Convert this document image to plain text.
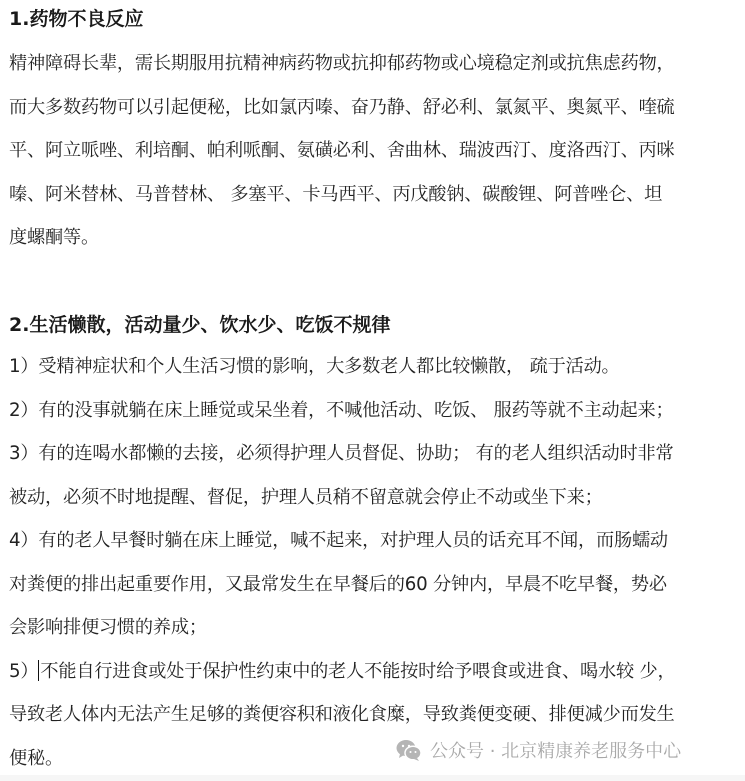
1.药物不良反应
精神障碍长辈，需长期服用抗精神病药物或抗抑郁药物或心境稳定剂或抗焦虑药物，
而大多数药物可以引起便秘，比如氯丙嗪、奋乃静、舒必利、氯氮平、奥氮平、喹硫
平、阿立哌唑、利培酮、帕利哌酮、氨磺必利、舍曲林、瑞波西汀、度洛西汀、丙咪
嗪、阿米替林、马普替林、 多塞平、卡马西平、丙戊酸钠、碳酸锂、阿普唑仑、坦
度螺酮等。
2.生活懒散，活动量少、饮水少、吃饭不规律
1）受精神症状和个人生活习惯的影响，大多数老人都比较懒散， 疏于活动。
2）有的没事就躺在床上睡觉或呆坐着，不喊他活动、吃饭、 服药等就不主动起来；
3）有的连喝水都懒的去接，必须得护理人员督促、协助； 有的老人组织活动时非常
被动，必须不时地提醒、督促，护理人员稍不留意就会停止不动或坐下来；
4）有的老人早餐时躺在床上睡觉，喊不起来，对护理人员的话充耳不闻，而肠蠕动
对粪便的排出起重要作用，又最常发生在早餐后的60 分钟内，早晨不吃早餐，势必
会影响排便习惯的养成；
5） 不能自行进食或处于保护性约束中的老人不能按时给予喂食或进食、喝水较 少，
导致老人体内无法产生足够的粪便容积和液化食糜，导致粪便变硬、排便减少而发生
便秘。	公众号 · 北京精康养老服务中心
